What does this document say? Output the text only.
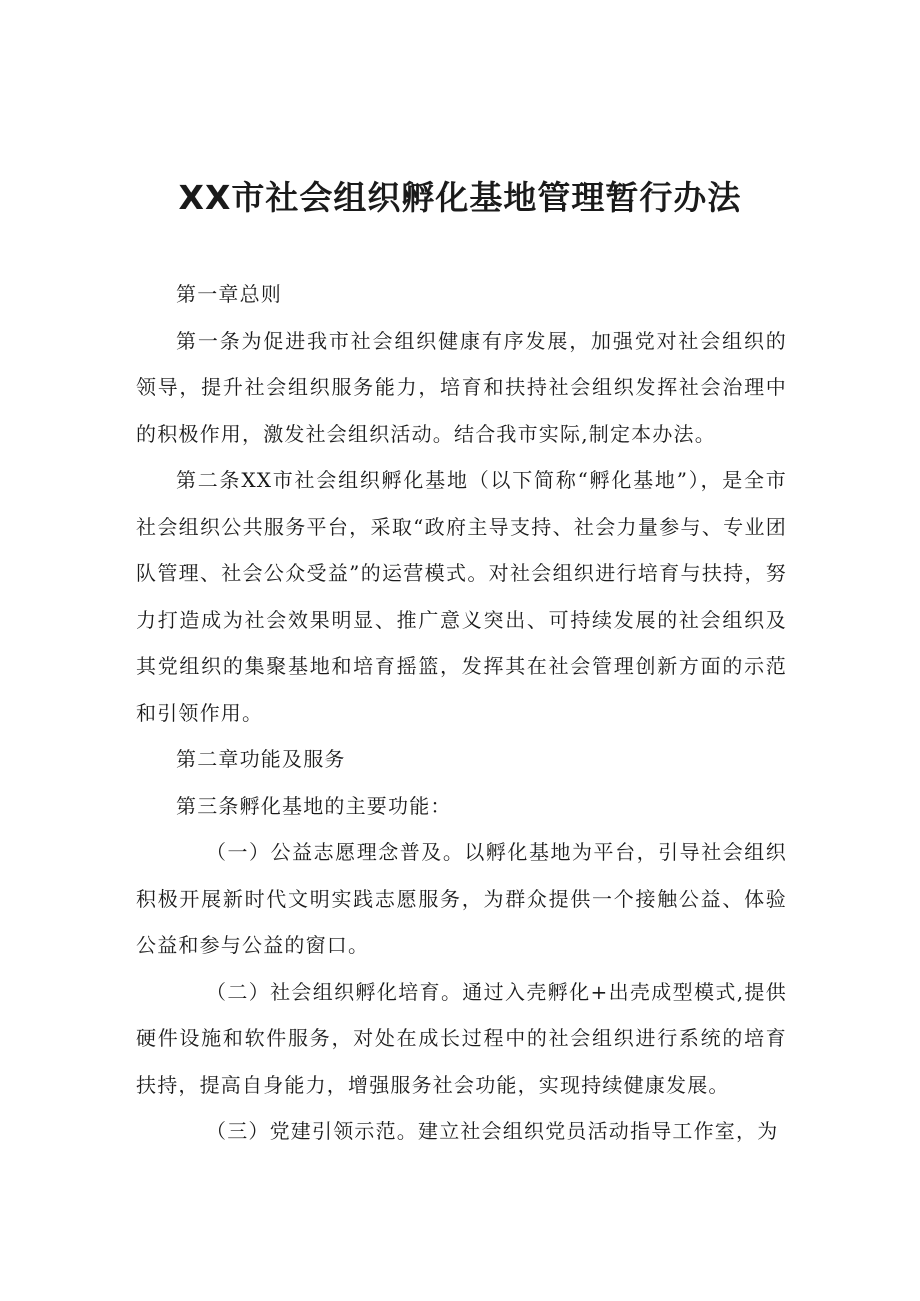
XX市社会组织孵化基地管理暂行办法

第一章总则

第一条为促进我市社会组织健康有序发展，加强党对社会组织的领导，提升社会组织服务能力，培育和扶持社会组织发挥社会治理中的积极作用，激发社会组织活动。结合我市实际,制定本办法。

第二条XX市社会组织孵化基地（以下简称“孵化基地”），是全市社会组织公共服务平台，采取“政府主导支持、社会力量参与、专业团队管理、社会公众受益”的运营模式。对社会组织进行培育与扶持，努力打造成为社会效果明显、推广意义突出、可持续发展的社会组织及其党组织的集聚基地和培育摇篮，发挥其在社会管理创新方面的示范和引领作用。

第二章功能及服务

第三条孵化基地的主要功能：

（一）公益志愿理念普及。以孵化基地为平台，引导社会组织积极开展新时代文明实践志愿服务，为群众提供一个接触公益、体验公益和参与公益的窗口。

（二）社会组织孵化培育。通过入壳孵化+出壳成型模式,提供硬件设施和软件服务，对处在成长过程中的社会组织进行系统的培育扶持，提高自身能力，增强服务社会功能，实现持续健康发展。

（三）党建引领示范。建立社会组织党员活动指导工作室，为
